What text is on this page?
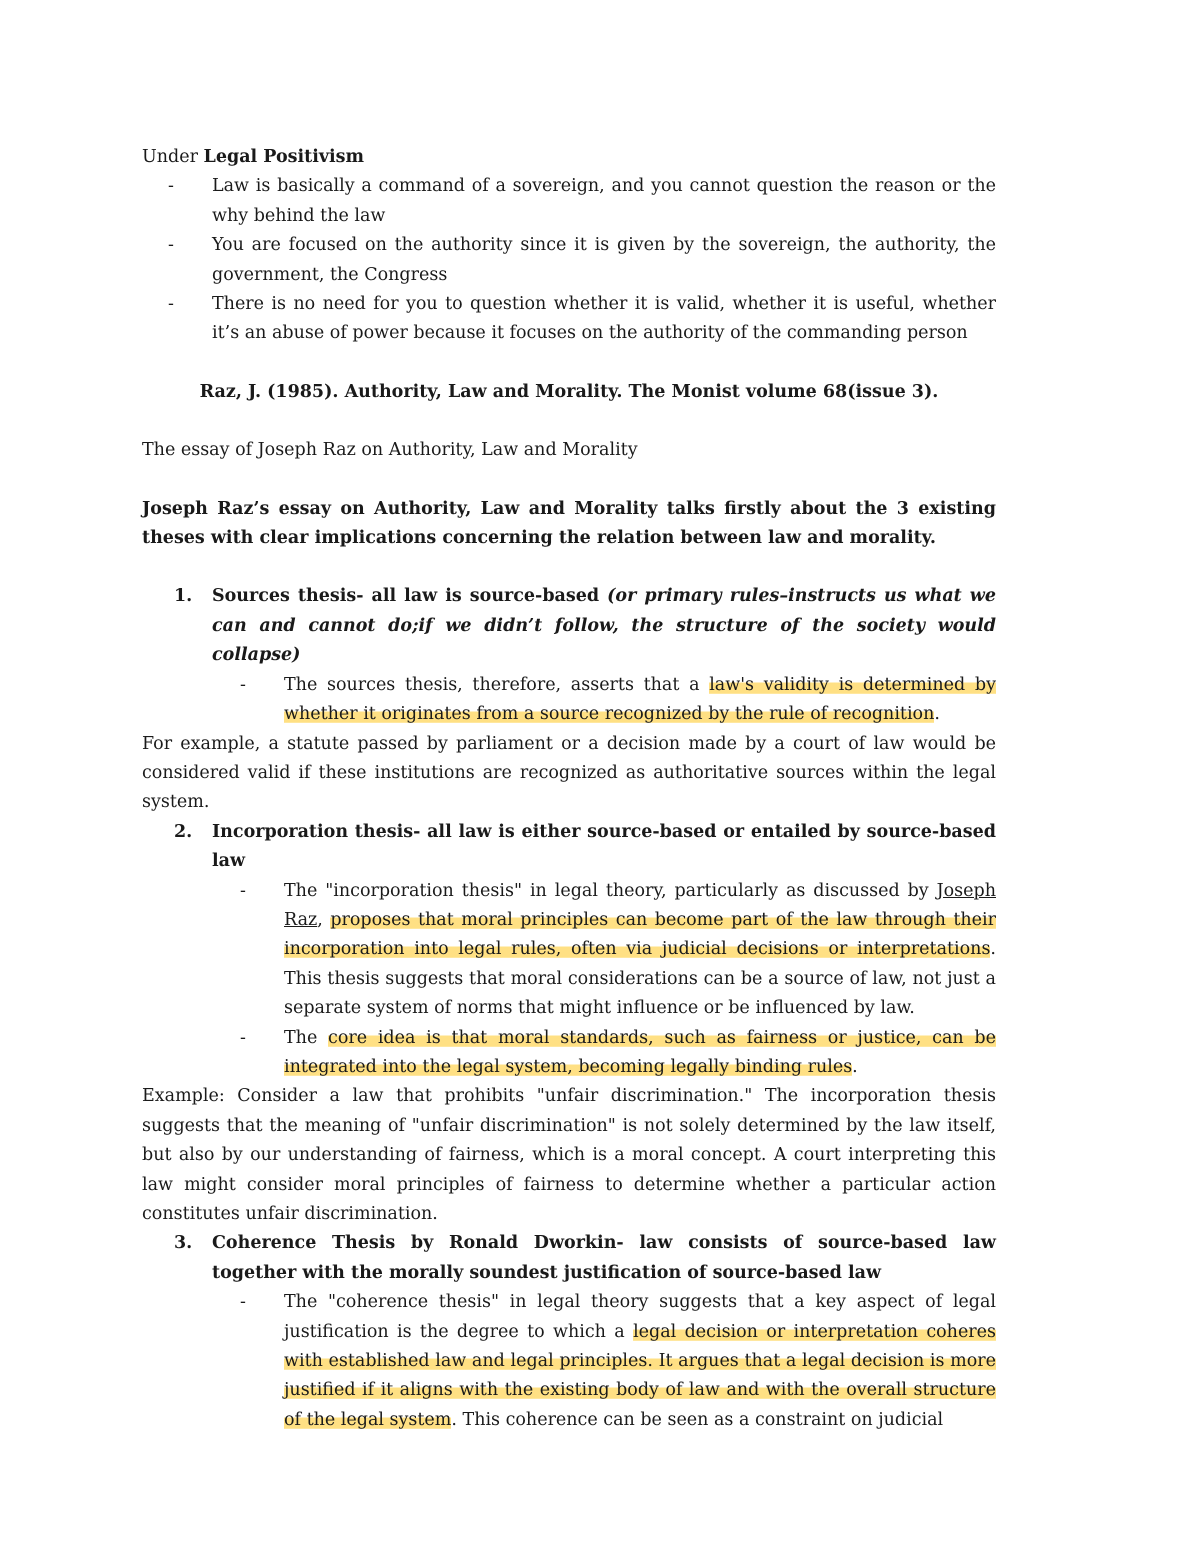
Under Legal Positivism

- Law is basically a command of a sovereign, and you cannot question the reason or the why behind the law
- You are focused on the authority since it is given by the sovereign, the authority, the government, the Congress
- There is no need for you to question whether it is valid, whether it is useful, whether it’s an abuse of power because it focuses on the authority of the commanding person

Raz, J. (1985). Authority, Law and Morality. The Monist volume 68(issue 3).

The essay of Joseph Raz on Authority, Law and Morality

Joseph Raz’s essay on Authority, Law and Morality talks firstly about the 3 existing theses with clear implications concerning the relation between law and morality.

1. Sources thesis- all law is source-based (or primary rules–instructs us what we can and cannot do;if we didn’t follow, the structure of the society would collapse)

- The sources thesis, therefore, asserts that a law's validity is determined by whether it originates from a source recognized by the rule of recognition.

For example, a statute passed by parliament or a decision made by a court of law would be considered valid if these institutions are recognized as authoritative sources within the legal system.

2. Incorporation thesis- all law is either source-based or entailed by source-based law

- The "incorporation thesis" in legal theory, particularly as discussed by Joseph Raz, proposes that moral principles can become part of the law through their incorporation into legal rules, often via judicial decisions or interpretations. This thesis suggests that moral considerations can be a source of law, not just a separate system of norms that might influence or be influenced by law.
- The core idea is that moral standards, such as fairness or justice, can be integrated into the legal system, becoming legally binding rules.

Example: Consider a law that prohibits "unfair discrimination." The incorporation thesis suggests that the meaning of "unfair discrimination" is not solely determined by the law itself, but also by our understanding of fairness, which is a moral concept. A court interpreting this law might consider moral principles of fairness to determine whether a particular action constitutes unfair discrimination.

3. Coherence Thesis by Ronald Dworkin- law consists of source-based law together with the morally soundest justification of source-based law

- The "coherence thesis" in legal theory suggests that a key aspect of legal justification is the degree to which a legal decision or interpretation coheres with established law and legal principles. It argues that a legal decision is more justified if it aligns with the existing body of law and with the overall structure of the legal system. This coherence can be seen as a constraint on judicial
